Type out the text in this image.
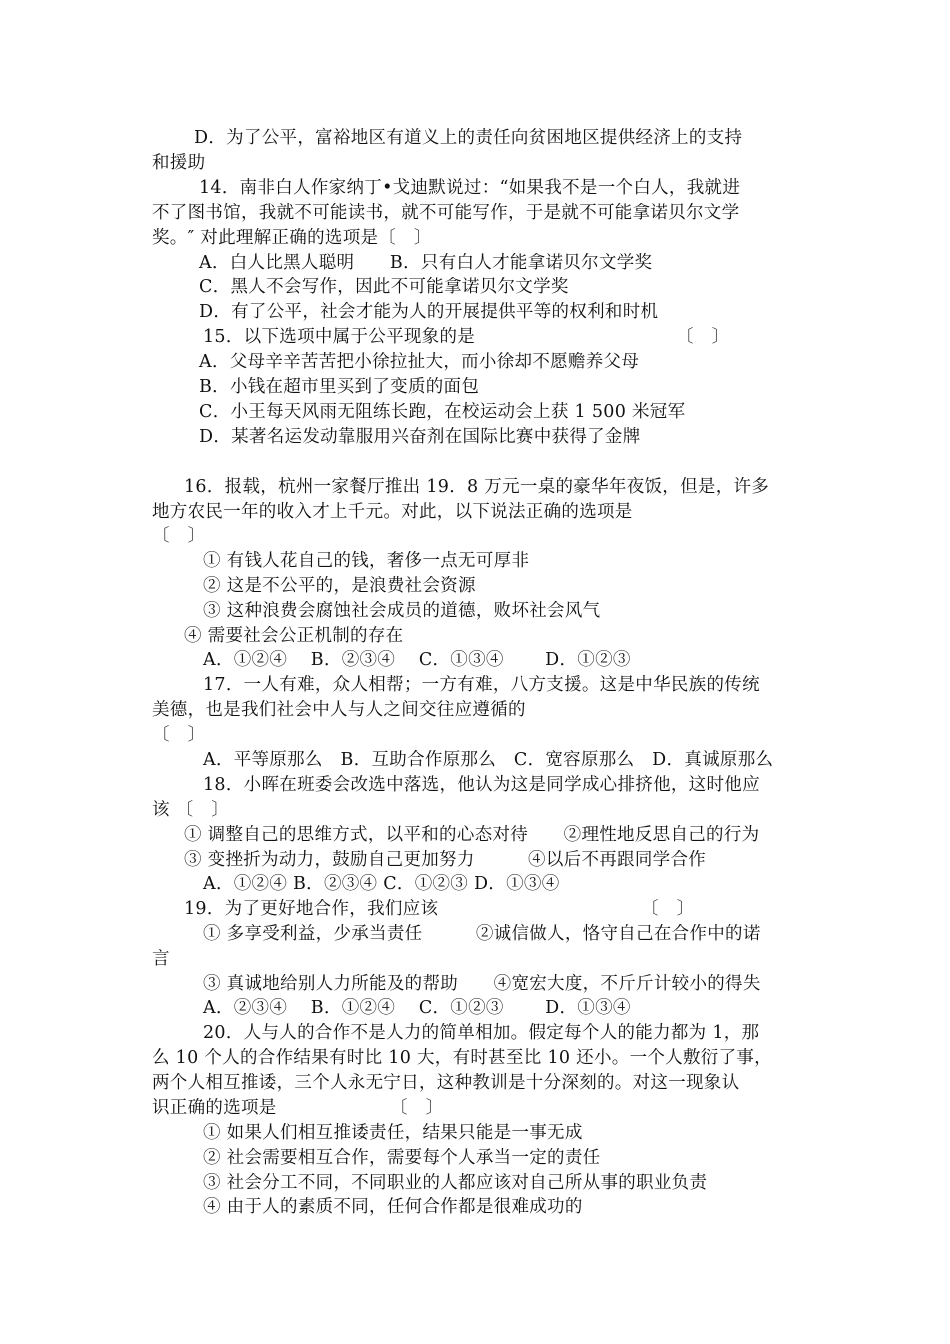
D．为了公平，富裕地区有道义上的责任向贫困地区提供经济上的支持
和援助
14．南非白人作家纳丁•戈迪默说过：“如果我不是一个白人，我就进
不了图书馆，我就不可能读书，就不可能写作，于是就不可能拿诺贝尔文学
奖。″ 对此理解正确的选项是〔　〕
A．白人比黑人聪明　　B．只有白人才能拿诺贝尔文学奖
C．黑人不会写作，因此不可能拿诺贝尔文学奖
D．有了公平，社会才能为人的开展提供平等的权利和时机
15．以下选项中属于公平现象的是	〔　〕
A．父母辛辛苦苦把小徐拉扯大，而小徐却不愿赡养父母
B．小钱在超市里买到了变质的面包
C．小王每天风雨无阻练长跑，在校运动会上获 1 500 米冠军
D．某著名运发动靠服用兴奋剂在国际比赛中获得了金牌
16．报载，杭州一家餐厅推出 19．8 万元一桌的豪华年夜饭，但是，许多
地方农民一年的收入才上千元。对此，以下说法正确的选项是
〔　〕
① 有钱人花自己的钱，奢侈一点无可厚非
② 这是不公平的，是浪费社会资源
③ 这种浪费会腐蚀社会成员的道德，败坏社会风气
④ 需要社会公正机制的存在
A．①②④　 B．②③④　 C．①③④　　 D．①②③
17．一人有难，众人相帮；一方有难，八方支援。这是中华民族的传统
美德，也是我们社会中人与人之间交往应遵循的
〔　〕
A．平等原那么　B．互助合作原那么　C．宽容原那么　D．真诚原那么
18．小晖在班委会改选中落选，他认为这是同学成心排挤他，这时他应
该 〔　〕
① 调整自己的思维方式，以平和的心态对待　　②理性地反思自己的行为
③ 变挫折为动力，鼓励自己更加努力　　　④以后不再跟同学合作
A．①②④ B．②③④ C．①②③ D．①③④
19．为了更好地合作，我们应该	〔　〕
① 多享受利益，少承当责任　　　②诚信做人，恪守自己在合作中的诺
言
③ 真诚地给别人力所能及的帮助　　④宽宏大度，不斤斤计较小的得失
A．②③④　 B．①②④　 C．①②③　　 D．①③④
20．人与人的合作不是人力的简单相加。假定每个人的能力都为 1，那
么 10 个人的合作结果有时比 10 大，有时甚至比 10 还小。一个人敷衍了事，
两个人相互推诿，三个人永无宁日，这种教训是十分深刻的。对这一现象认
识正确的选项是	〔　〕
① 如果人们相互推诿责任，结果只能是一事无成
② 社会需要相互合作，需要每个人承当一定的责任
③ 社会分工不同，不同职业的人都应该对自己所从事的职业负责
④ 由于人的素质不同，任何合作都是很难成功的
